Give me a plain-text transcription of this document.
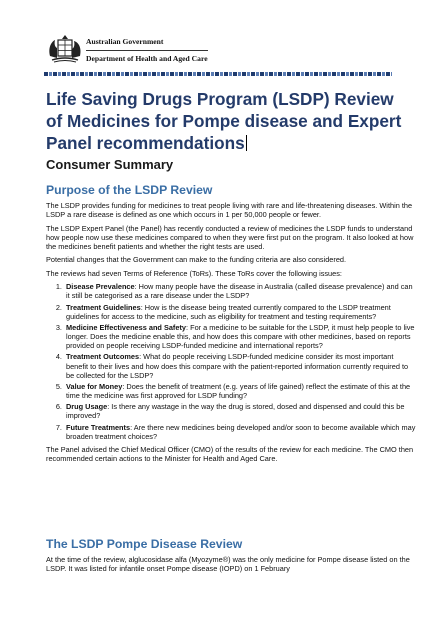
Australian Government
Department of Health and Aged Care
Life Saving Drugs Program (LSDP) Review of Medicines for Pompe disease and Expert Panel recommendations

Consumer Summary

Purpose of the LSDP Review

The LSDP provides funding for medicines to treat people living with rare and life-threatening diseases. Within the LSDP a rare disease is defined as one which occurs in 1 per 50,000 people or fewer.

The LSDP Expert Panel (the Panel) has recently conducted a review of medicines the LSDP funds to understand how people now use these medicines compared to when they were first put on the program. It also looked at how the medicines benefit patients and whether the right tests are used.

Potential changes that the Government can make to the funding criteria are also considered.

The reviews had seven Terms of Reference (ToRs). These ToRs cover the following issues:

1. Disease Prevalence: How many people have the disease in Australia (called disease prevalence) and can it still be categorised as a rare disease under the LSDP?
2. Treatment Guidelines: How is the disease being treated currently compared to the LSDP treatment guidelines for access to the medicine, such as eligibility for treatment and testing requirements?
3. Medicine Effectiveness and Safety: For a medicine to be suitable for the LSDP, it must help people to live longer. Does the medicine enable this, and how does this compare with other medicines, based on reports provided on people receiving LSDP-funded medicine and international reports?
4. Treatment Outcomes: What do people receiving LSDP-funded medicine consider its most important benefit to their lives and how does this compare with the patient-reported information currently required to be collected for the LSDP?
5. Value for Money: Does the benefit of treatment (e.g. years of life gained) reflect the estimate of this at the time the medicine was first approved for LSDP funding?
6. Drug Usage: Is there any wastage in the way the drug is stored, dosed and dispensed and could this be improved?
7. Future Treatments: Are there new medicines being developed and/or soon to become available which may broaden treatment choices?

The Panel advised the Chief Medical Officer (CMO) of the results of the review for each medicine. The CMO then recommended certain actions to the Minister for Health and Aged Care.

The LSDP Pompe Disease Review

At the time of the review, alglucosidase alfa (Myozyme®) was the only medicine for Pompe disease listed on the LSDP. It was listed for infantile onset Pompe disease (IOPD) on 1 February
